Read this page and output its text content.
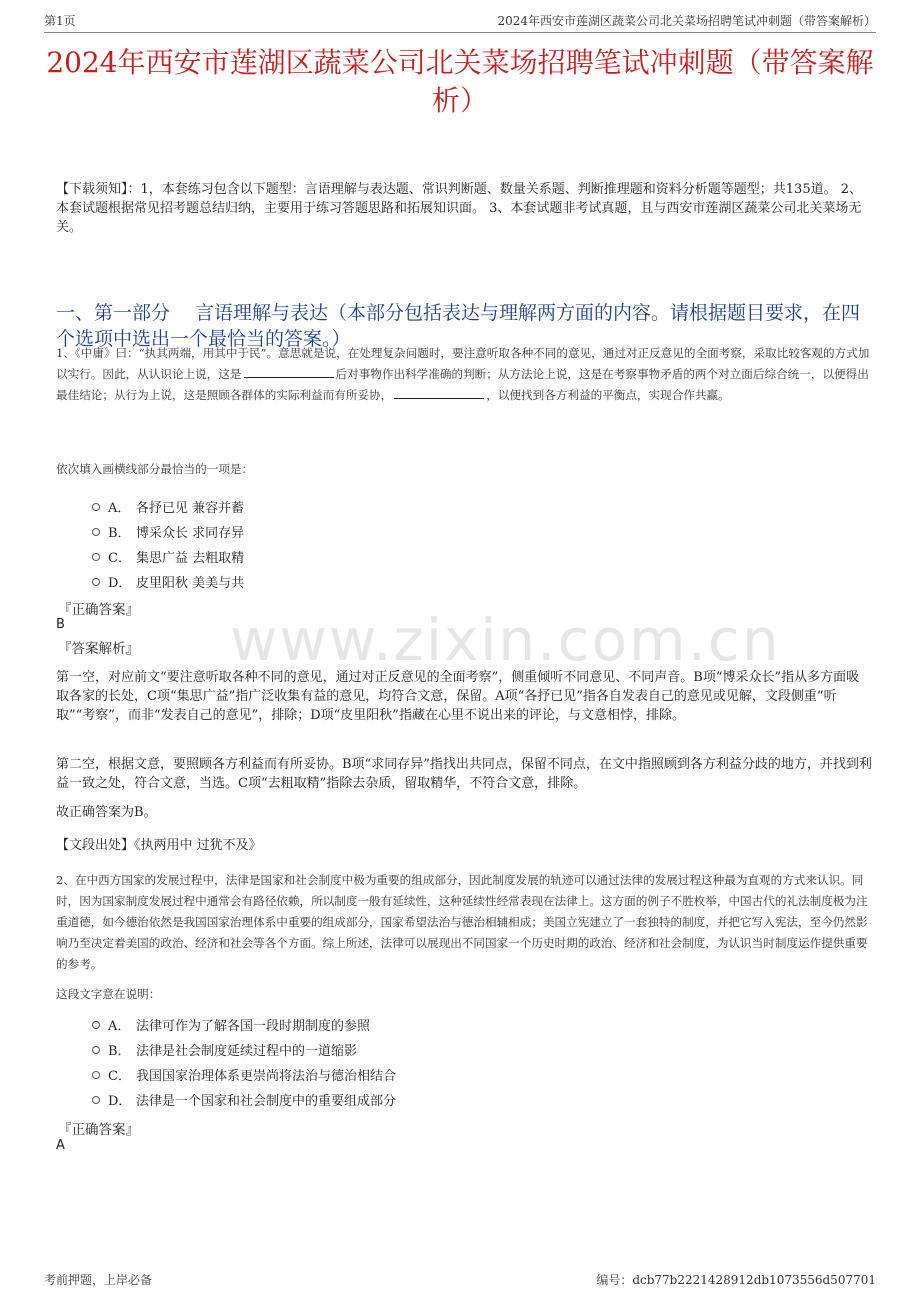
第1页	2024年西安市莲湖区蔬菜公司北关菜场招聘笔试冲刺题（带答案解析）
2024年西安市莲湖区蔬菜公司北关菜场招聘笔试冲刺题（带答案解析）
【下载须知】：1，本套练习包含以下题型：言语理解与表达题、常识判断题、数量关系题、判断推理题和资料分析题等题型；共135道。 2、本套试题根据常见招考题总结归纳，主要用于练习答题思路和拓展知识面。 3、本套试题非考试真题，且与西安市莲湖区蔬菜公司北关菜场无关。
一、第一部分　 言语理解与表达（本部分包括表达与理解两方面的内容。请根据题目要求，在四个选项中选出一个最恰当的答案。）
www.zixin.com.cn
1、《中庸》曰：“执其两端，用其中于民”。意思就是说，在处理复杂问题时，要注意听取各种不同的意见，通过对正反意见的全面考察，采取比较客观的方式加以实行。因此，从认识论上说，这是	后对事物作出科学准确的判断；从方法论上说，这是在考察事物矛盾的两个对立面后综合统一，以便得出最佳结论；从行为上说，这是照顾各群体的实际利益而有所妥协，	，以便找到各方利益的平衡点，实现合作共赢。
依次填入画横线部分最恰当的一项是：
A． 各抒已见 兼容并蓄
B． 博采众长 求同存异
C． 集思广益 去粗取精
D． 皮里阳秋 美美与共
『正确答案』
B
『答案解析』
第一空，对应前文“要注意听取各种不同的意见，通过对正反意见的全面考察”，侧重倾听不同意见、不同声音。B项“博采众长”指从多方面吸取各家的长处，C项“集思广益”指广泛收集有益的意见，均符合文意，保留。A项“各抒已见”指各自发表自己的意见或见解，文段侧重“听取”“考察”，而非“发表自己的意见”，排除；D项“皮里阳秋”指藏在心里不说出来的评论，与文意相悖，排除。
第二空，根据文意，要照顾各方利益而有所妥协。B项“求同存异”指找出共同点，保留不同点，在文中指照顾到各方利益分歧的地方，并找到利益一致之处，符合文意，当选。C项“去粗取精”指除去杂质，留取精华，不符合文意，排除。
故正确答案为B。
【文段出处】《执两用中 过犹不及》
2、在中西方国家的发展过程中，法律是国家和社会制度中极为重要的组成部分，因此制度发展的轨迹可以通过法律的发展过程这种最为直观的方式来认识。同时，因为国家制度发展过程中通常会有路径依赖，所以制度一般有延续性，这种延续性经常表现在法律上。这方面的例子不胜枚举，中国古代的礼法制度极为注重道德，如今德治依然是我国国家治理体系中重要的组成部分，国家希望法治与德治相辅相成；美国立宪建立了一套独特的制度，并把它写入宪法，至今仍然影响乃至决定着美国的政治、经济和社会等各个方面。综上所述，法律可以展现出不同国家一个历史时期的政治、经济和社会制度，为认识当时制度运作提供重要的参考。
这段文字意在说明：
A． 法律可作为了解各国一段时期制度的参照
B． 法律是社会制度延续过程中的一道缩影
C． 我国国家治理体系更崇尚将法治与德治相结合
D． 法律是一个国家和社会制度中的重要组成部分
『正确答案』
A
考前押题，上岸必备	编号：dcb77b2221428912db1073556d507701
